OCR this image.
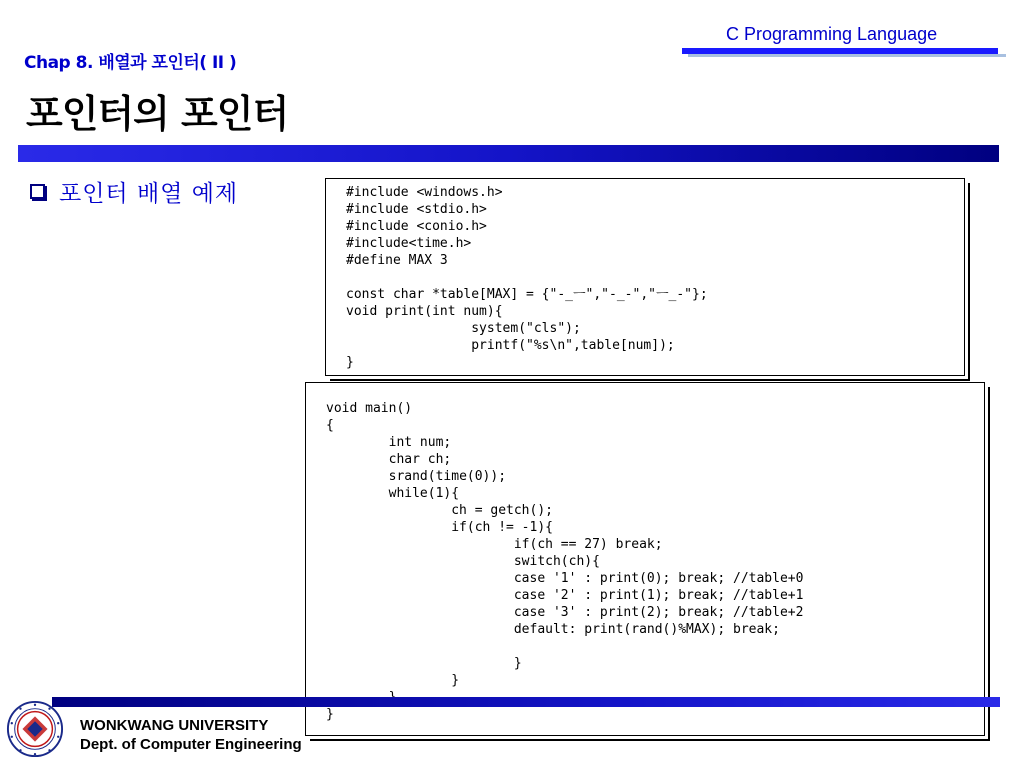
C Programming Language
Chap 8. 배열과 포인터( II )
포인터의 포인터
포인터 배열 예제	#include <windows.h>
#include <stdio.h>
#include <conio.h>
#include<time.h>
#define MAX 3

const char *table[MAX] = {"-_ㅡ","-_-","ㅡ_-"};
void print(int num){
		system("cls");
		printf("%s\n",table[num]);
}
void main()
{
	int num;
	char ch;
	srand(time(0));
	while(1){
		ch = getch();
		if(ch != -1){
			if(ch == 27) break;
			switch(ch){
			case '1' : print(0); break; //table+0
			case '2' : print(1); break; //table+1
			case '3' : print(2); break; //table+2
			default: print(rand()%MAX); break;

			}
		}

}
WONKWANG UNIVERSITY
Dept. of Computer Engineering
